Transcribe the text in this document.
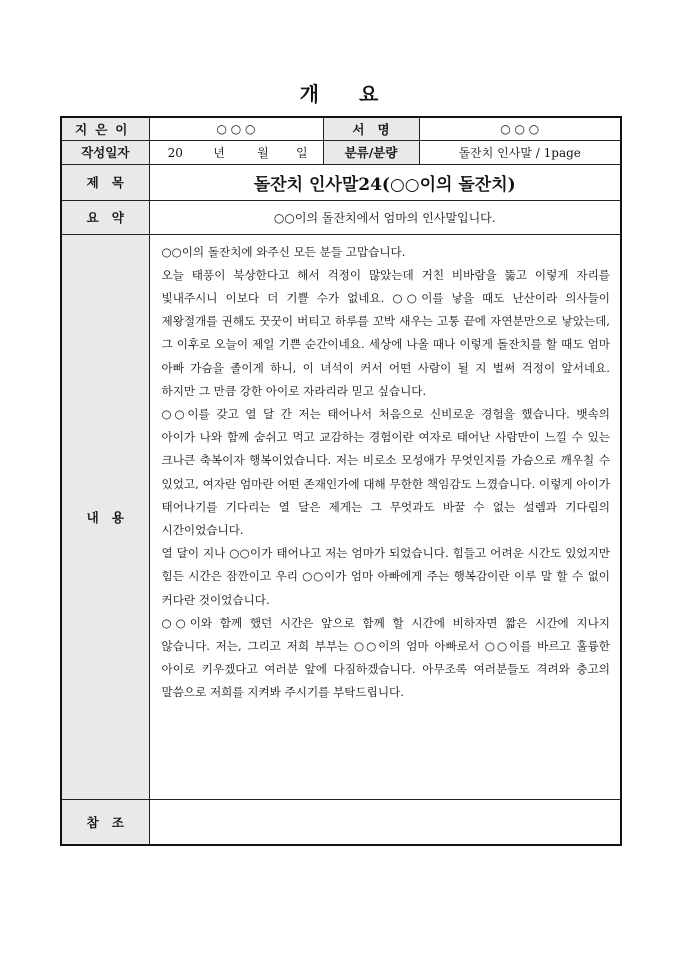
개 요
지은이	○ ○ ○	서   명	○ ○ ○
작성일자	20 년 월 일	분류/분량	돌잔치 인사말 / 1page
제   목	돌잔치 인사말24(○○이의 돌잔치)		
요   약	○○이의 돌잔치에서 엄마의 인사말입니다.		
내   용	○○이의 돌잔치에 와주신 모든 분들 고맙습니다.

오늘 태풍이 북상한다고 해서 걱정이 많았는데 거친 비바람을 뚫고 이렇게 자리를 빛내주시니 이보다 더 기쁠 수가 없네요. ○○이를 낳을 때도 난산이라 의사들이 제왕절개를 권해도 꿋꿋이 버티고 하루를 꼬박 새우는 고통 끝에 자연분만으로 낳았는데, 그 이후로 오늘이 제일 기쁜 순간이네요. 세상에 나올 때나 이렇게 돌잔치를 할 때도 엄마 아빠 가슴을 졸이게 하니, 이 녀석이 커서 어떤 사람이 될 지 벌써 걱정이 앞서네요. 하지만 그 만큼 강한 아이로 자라리라 믿고 싶습니다.

○○이를 갖고 열 달 간 저는 태어나서 처음으로 신비로운 경험을 했습니다. 뱃속의 아이가 나와 함께 숨쉬고 먹고 교감하는 경험이란 여자로 태어난 사람만이 느낄 수 있는 크나큰 축복이자 행복이었습니다. 저는 비로소 모성애가 무엇인지를 가슴으로 깨우칠 수 있었고, 여자란 엄마란 어떤 존재인가에 대해 무한한 책임감도 느꼈습니다. 이렇게 아이가 태어나기를 기다리는 열 달은 제게는 그 무엇과도 바꿀 수 없는 설렘과 기다림의 시간이었습니다.

열 달이 지나 ○○이가 태어나고 저는 엄마가 되었습니다. 힘들고 어려운 시간도 있었지만 힘든 시간은 잠깐이고 우리 ○○이가 엄마 아빠에게 주는 행복감이란 이루 말 할 수 없이 커다란 것이었습니다.

○○이와 함께 했던 시간은 앞으로 함께 할 시간에 비하자면 짧은 시간에 지나지 않습니다. 저는, 그리고 저희 부부는 ○○이의 엄마 아빠로서 ○○이를 바르고 훌륭한 아이로 키우겠다고 여러분 앞에 다짐하겠습니다. 아무조록 여러분들도 격려와 충고의 말씀으로 저희를 지켜봐 주시기를 부탁드립니다.		

참   조			
